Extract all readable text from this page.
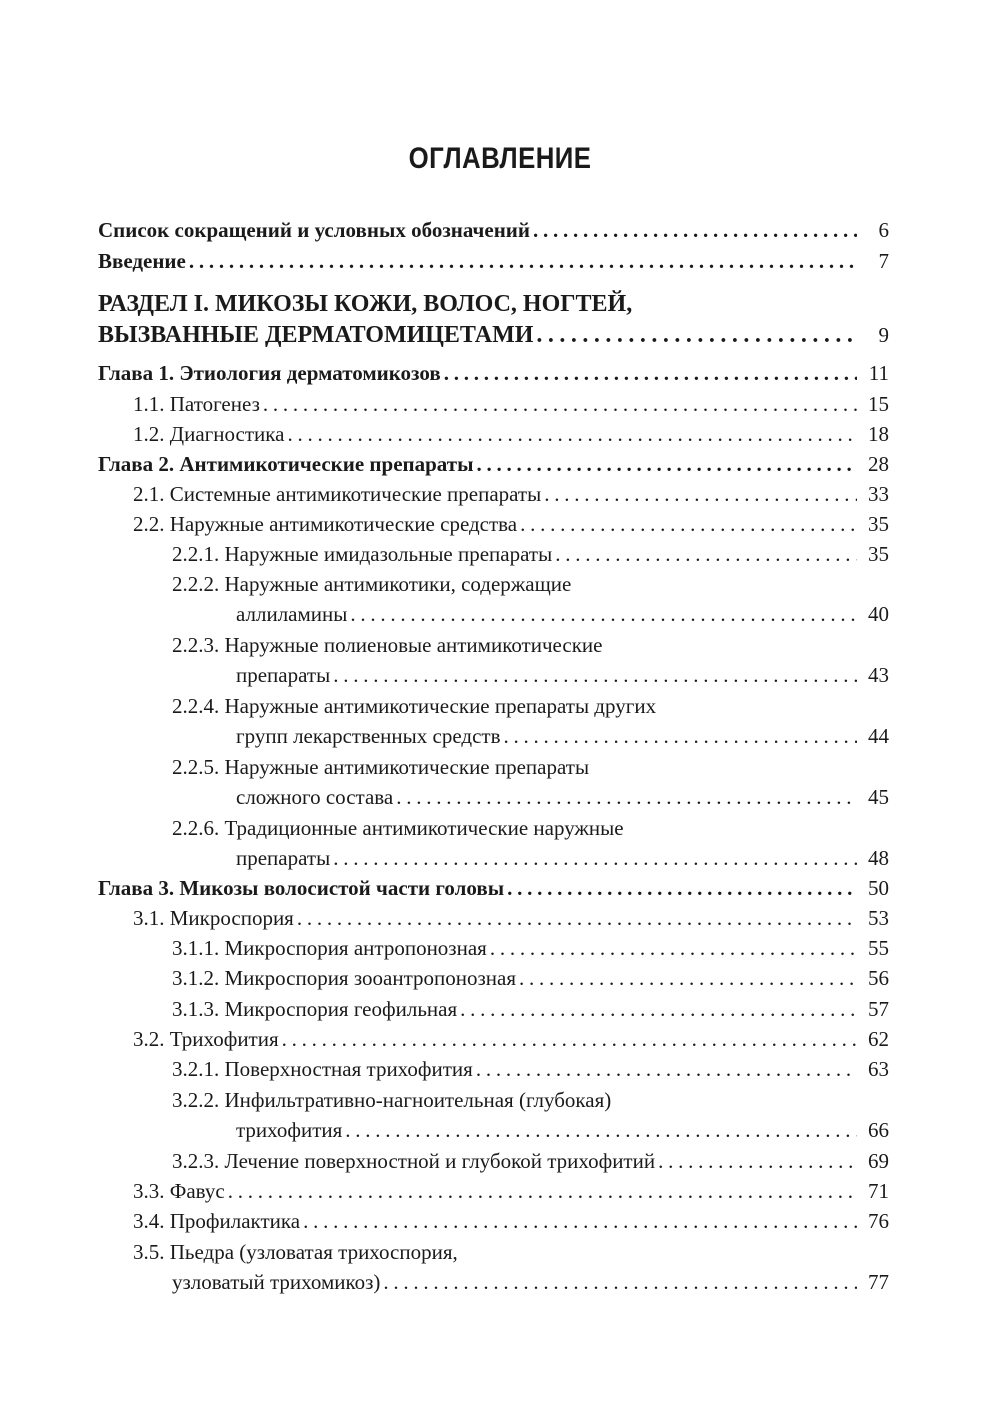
ОГЛАВЛЕНИЕ
Список сокращений и условных обозначений . . .	6
Введение . . .	7
РАЗДЕЛ I. МИКОЗЫ КОЖИ, ВОЛОС, НОГТЕЙ,
ВЫЗВАННЫЕ ДЕРМАТОМИЦЕТАМИ . . .	9
Глава 1. Этиология дерматомикозов . . .	11
1.1. Патогенез . . .	15
1.2. Диагностика . . .	18
Глава 2. Антимикотические препараты . . .	28
2.1. Системные антимикотические препараты . . .	33
2.2. Наружные антимикотические средства . . .	35
2.2.1. Наружные имидазольные препараты . . .	35
2.2.2. Наружные антимикотики, содержащие
аллиламины . . .	40
2.2.3. Наружные полиеновые антимикотические
препараты . . .	43
2.2.4. Наружные антимикотические препараты других
групп лекарственных средств . . .	44
2.2.5. Наружные антимикотические препараты
сложного состава . . .	45
2.2.6. Традиционные антимикотические наружные
препараты . . .	48
Глава 3. Микозы волосистой части головы . . .	50
3.1. Микроспория . . .	53
3.1.1. Микроспория антропонозная . . .	55
3.1.2. Микроспория зооантропонозная . . .	56
3.1.3. Микроспория геофильная . . .	57
3.2. Трихофития . . .	62
3.2.1. Поверхностная трихофития . . .	63
3.2.2. Инфильтративно-нагноительная (глубокая)
трихофития . . .	66
3.2.3. Лечение поверхностной и глубокой трихофитий . . .	69
3.3. Фавус . . .	71
3.4. Профилактика . . .	76
3.5. Пьедра (узловатая трихоспория,
узловатый трихомикоз) . . .	77
